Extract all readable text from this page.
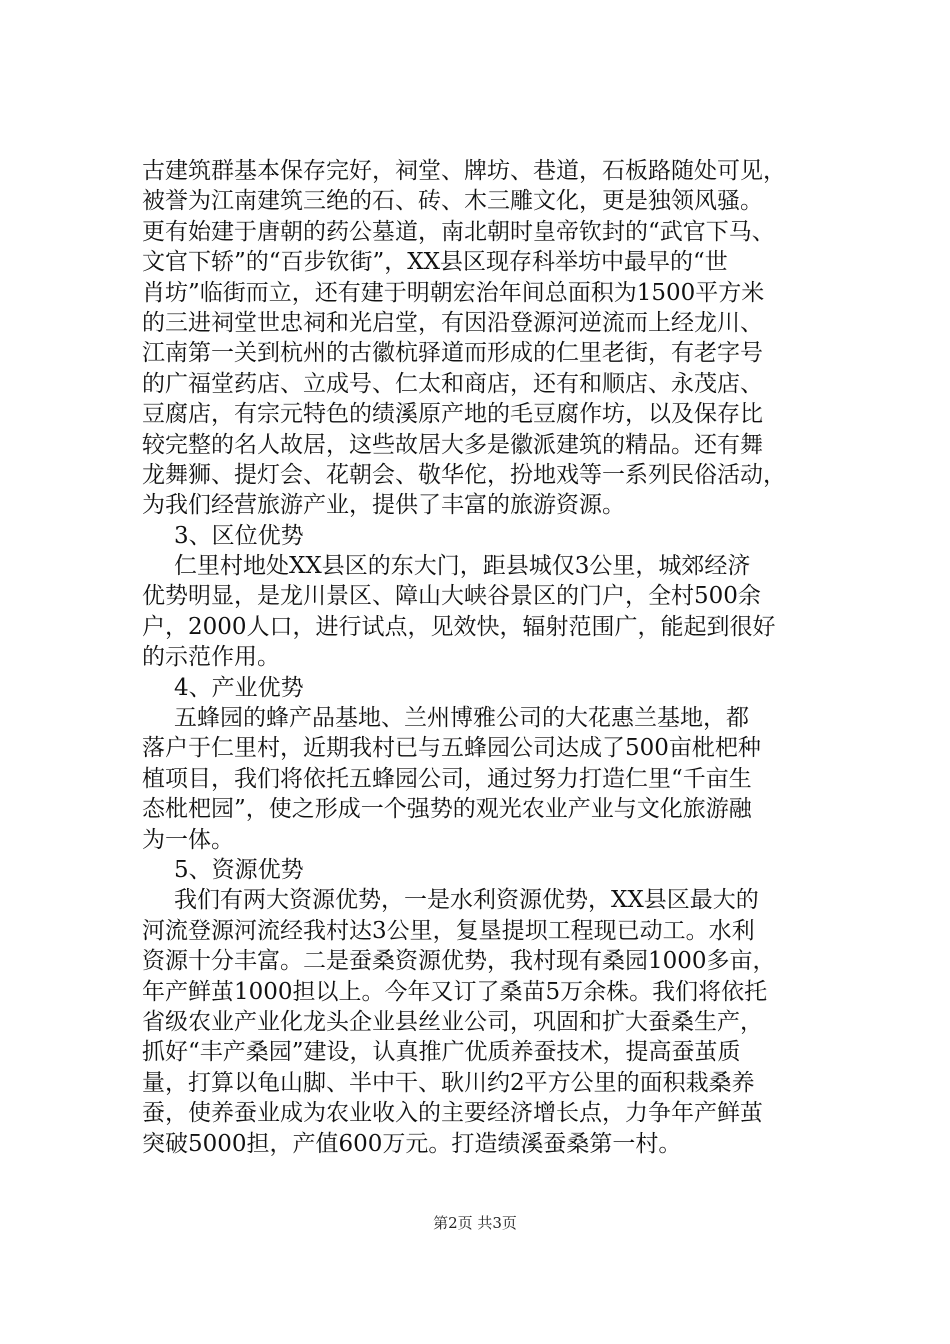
古建筑群基本保存完好，祠堂、牌坊、巷道，石板路随处可见，
被誉为江南建筑三绝的石、砖、木三雕文化，更是独领风骚。
更有始建于唐朝的药公墓道，南北朝时皇帝钦封的“武官下马、
文官下轿”的“百步钦街”，XX县区现存科举坊中最早的“世
肖坊”临街而立，还有建于明朝宏治年间总面积为1500平方米
的三进祠堂世忠祠和光启堂，有因沿登源河逆流而上经龙川、
江南第一关到杭州的古徽杭驿道而形成的仁里老街，有老字号
的广福堂药店、立成号、仁太和商店，还有和顺店、永茂店、
豆腐店，有宗元特色的绩溪原产地的毛豆腐作坊，以及保存比
较完整的名人故居，这些故居大多是徽派建筑的精品。还有舞
龙舞狮、提灯会、花朝会、敬华佗，扮地戏等一系列民俗活动，
为我们经营旅游产业，提供了丰富的旅游资源。
3、区位优势
仁里村地处XX县区的东大门，距县城仅3公里，城郊经济
优势明显，是龙川景区、障山大峡谷景区的门户，全村500余
户，2000人口，进行试点，见效快，辐射范围广，能起到很好
的示范作用。
4、产业优势
五蜂园的蜂产品基地、兰州博雅公司的大花惠兰基地，都
落户于仁里村，近期我村已与五蜂园公司达成了500亩枇杷种
植项目，我们将依托五蜂园公司，通过努力打造仁里“千亩生
态枇杷园”，使之形成一个强势的观光农业产业与文化旅游融
为一体。
5、资源优势
我们有两大资源优势，一是水利资源优势，XX县区最大的
河流登源河流经我村达3公里，复垦提坝工程现已动工。水利
资源十分丰富。二是蚕桑资源优势，我村现有桑园1000多亩，
年产鲜茧1000担以上。今年又订了桑苗5万余株。我们将依托
省级农业产业化龙头企业县丝业公司，巩固和扩大蚕桑生产，
抓好“丰产桑园”建设，认真推广优质养蚕技术，提高蚕茧质
量，打算以龟山脚、半中干、耿川约2平方公里的面积栽桑养
蚕，使养蚕业成为农业收入的主要经济增长点，力争年产鲜茧
突破5000担，产值600万元。打造绩溪蚕桑第一村。
第2页 共3页
